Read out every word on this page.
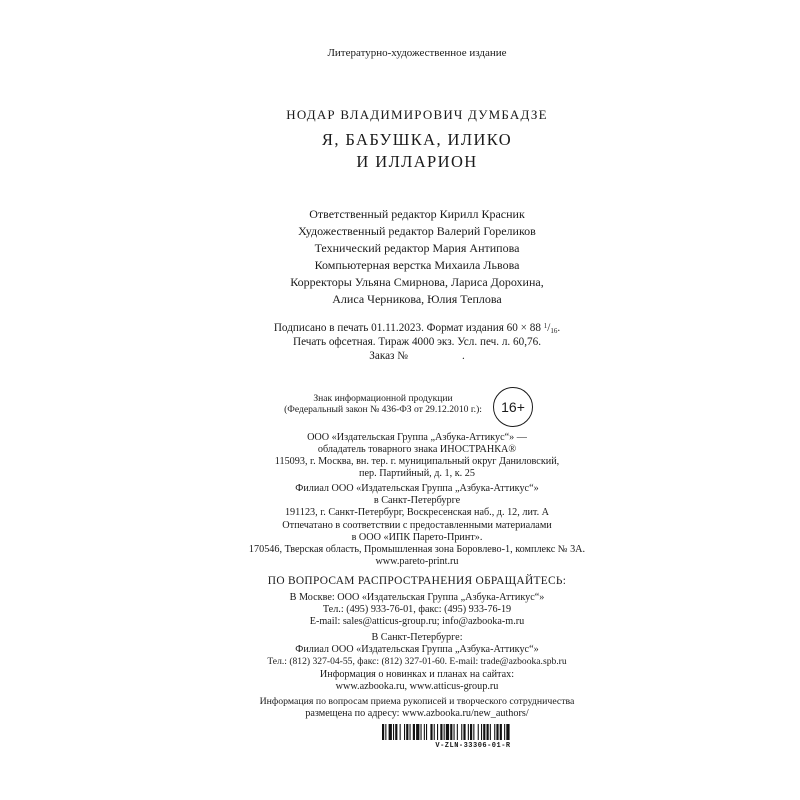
Литературно-художественное издание
НОДАР ВЛАДИМИРОВИЧ ДУМБАДЗЕ
Я, БАБУШКА, ИЛИКО
И ИЛЛАРИОН
Ответственный редактор Кирилл Красник
Художественный редактор Валерий Гореликов
Технический редактор Мария Антипова
Компьютерная верстка Михаила Львова
Корректоры Ульяна Смирнова, Лариса Дорохина,
Алиса Черникова, Юлия Теплова
Подписано в печать 01.11.2023. Формат издания 60 × 88 $^1/_{16}$.
Печать офсетная. Тираж 4000 экз. Усл. печ. л. 60,76.
Заказ №	.
Знак информационной продукции
(Федеральный закон № 436-ФЗ от 29.12.2010 г.):	16+
ООО «Издательская Группа „Азбука-Аттикус“» —
обладатель товарного знака ИНОСТРАНКА®
115093, г. Москва, вн. тер. г. муниципальный округ Даниловский,
пер. Партийный, д. 1, к. 25
Филиал ООО «Издательская Группа „Азбука-Аттикус“»
в Санкт-Петербурге
191123, г. Санкт-Петербург, Воскресенская наб., д. 12, лит. А
Отпечатано в соответствии с предоставленными материалами
в ООО «ИПК Парето-Принт».
170546, Тверская область, Промышленная зона Боровлево-1, комплекс № 3А.
www.pareto-print.ru
ПО ВОПРОСАМ РАСПРОСТРАНЕНИЯ ОБРАЩАЙТЕСЬ:
В Москве: ООО «Издательская Группа „Азбука-Аттикус“»
Тел.: (495) 933-76-01, факс: (495) 933-76-19
E-mail: sales@atticus-group.ru; info@azbooka-m.ru
В Санкт-Петербурге:
Филиал ООО «Издательская Группа „Азбука-Аттикус“»
Тел.: (812) 327-04-55, факс: (812) 327-01-60. E-mail: trade@azbooka.spb.ru
Информация о новинках и планах на сайтах:
www.azbooka.ru, www.atticus-group.ru
Информация по вопросам приема рукописей и творческого сотрудничества
размещена по адресу: www.azbooka.ru/new_authors/
V-ZLN-33306-01-R
